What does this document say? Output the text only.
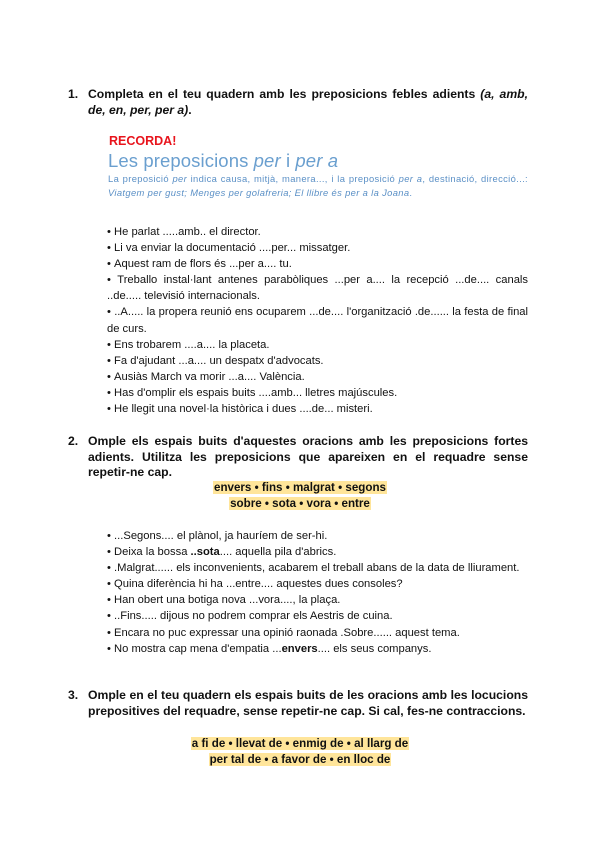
1. Completa en el teu quadern amb les preposicions febles adients (a, amb, de, en, per, per a).
RECORDA!
Les preposicions per i per a
La preposició per indica causa, mitjà, manera..., i la preposició per a, destinació, direcció...: Viatgem per gust; Menges per golafreria; El llibre és per a la Joana.
• He parlat .....amb.. el director.
• Li va enviar la documentació ....per... missatger.
• Aquest ram de flors és ...per a.... tu.
• Treballo instal·lant antenes parabòliques ...per a.... la recepció ...de.... canals ..de..... televisió internacionals.
• ..A..... la propera reunió ens ocuparem ...de.... l'organització .de...... la festa de final de curs.
• Ens trobarem ....a.... la placeta.
• Fa d'ajudant ...a.... un despatx d'advocats.
• Ausiàs March va morir ...a.... València.
• Has d'omplir els espais buits ....amb... lletres majúscules.
• He llegit una novel·la històrica i dues ....de... misteri.
2. Omple els espais buits d'aquestes oracions amb les preposicions fortes adients. Utilitza les preposicions que apareixen en el requadre sense repetir-ne cap.
envers • fins • malgrat • segons
sobre • sota • vora • entre
• ...Segons.... el plànol, ja hauríem de ser-hi.
• Deixa la bossa ..sota.... aquella pila d'abrics.
• .Malgrat...... els inconvenients, acabarem el treball abans de la data de lliurament.
• Quina diferència hi ha ...entre.... aquestes dues consoles?
• Han obert una botiga nova ...vora...., la plaça.
• ..Fins..... dijous no podrem comprar els Aestris de cuina.
• Encara no puc expressar una opinió raonada .Sobre...... aquest tema.
• No mostra cap mena d'empatia ...envers.... els seus companys.
3. Omple en el teu quadern els espais buits de les oracions amb les locucions prepositives del requadre, sense repetir-ne cap. Si cal, fes-ne contraccions.
a fi de • llevat de • enmig de • al llarg de
per tal de • a favor de • en lloc de
